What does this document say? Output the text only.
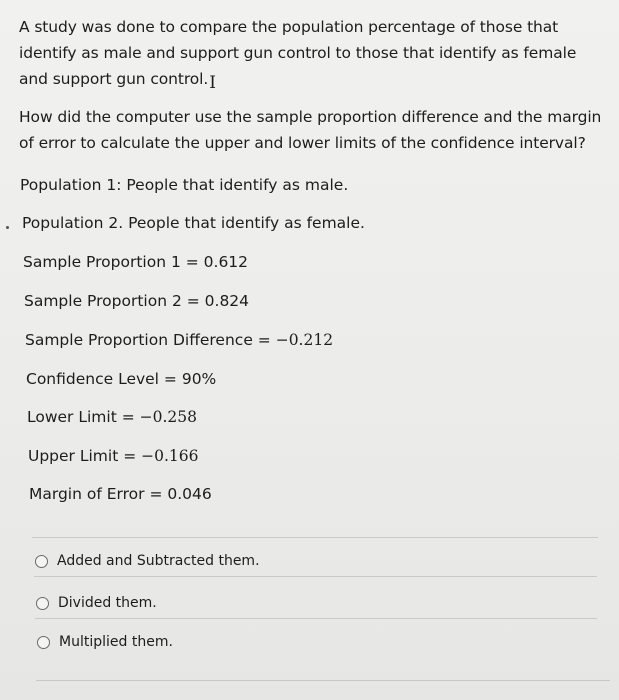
A study was done to compare the population percentage of those that identify as male and support gun control to those that identify as female and support gun control.I
How did the computer use the sample proportion difference and the margin of error to calculate the upper and lower limits of the confidence interval?
Population 1: People that identify as male.
Population 2. People that identify as female.
Sample Proportion 1 = 0.612
Sample Proportion 2 = 0.824
Sample Proportion Difference = −0.212
Confidence Level = 90%
Lower Limit = −0.258
Upper Limit = −0.166
Margin of Error = 0.046
Added and Subtracted them.
Divided them.
Multiplied them.
